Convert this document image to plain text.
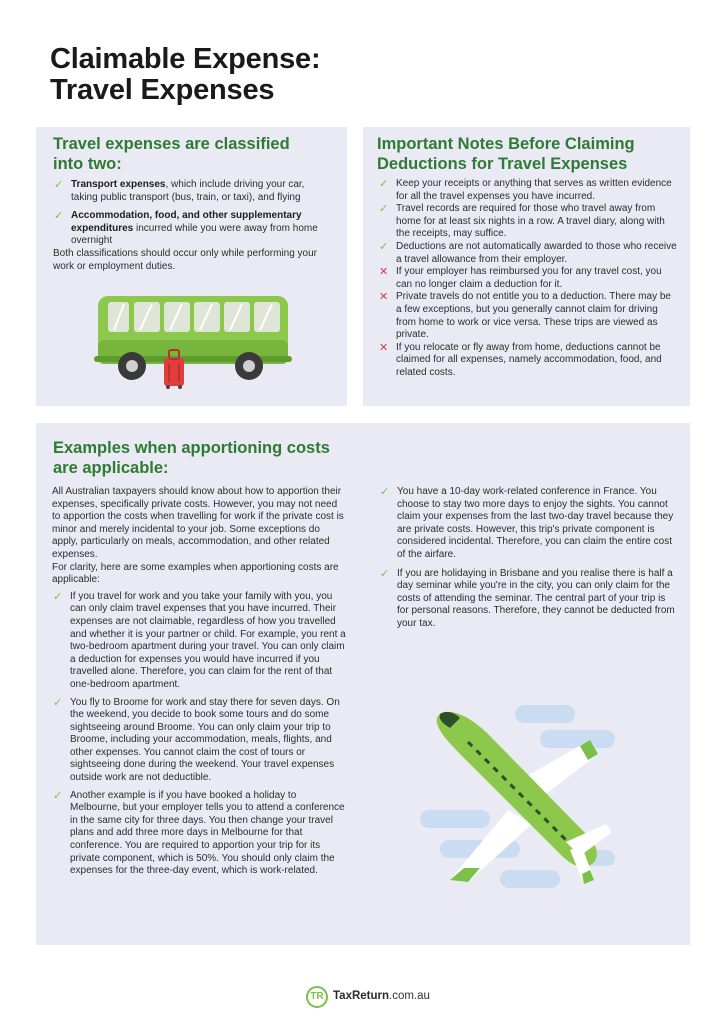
Claimable Expense:
Travel Expenses
Travel expenses are classified into two:
✓ Transport expenses, which include driving your car, taking public transport (bus, train, or taxi), and flying
✓ Accommodation, food, and other supplementary expenditures incurred while you were away from home overnight

Both classifications should occur only while performing your work or employment duties.

Important Notes Before Claiming Deductions for Travel Expenses
✓ Keep your receipts or anything that serves as written evidence for all the travel expenses you have incurred.
✓ Travel records are required for those who travel away from home for at least six nights in a row. A travel diary, along with the receipts, may suffice.
✓ Deductions are not automatically awarded to those who receive a travel allowance from their employer.
✕ If your employer has reimbursed you for any travel cost, you can no longer claim a deduction for it.
✕ Private travels do not entitle you to a deduction. There may be a few exceptions, but you generally cannot claim for driving from home to work or vice versa. These trips are viewed as private.
✕ If you relocate or fly away from home, deductions cannot be claimed for all expenses, namely accommodation, food, and related costs.
Examples when apportioning costs are applicable:

All Australian taxpayers should know about how to apportion their expenses, specifically private costs. However, you may not need to apportion the costs when travelling for work if the private cost is minor and merely incidental to your job. Some exceptions do apply, particularly on meals, accommodation, and other related expenses.

For clarity, here are some examples when apportioning costs are applicable:

✓ If you travel for work and you take your family with you, you can only claim travel expenses that you have incurred. Their expenses are not claimable, regardless of how you travelled and whether it is your partner or child. For example, you rent a two-bedroom apartment during your travel. You can only claim a deduction for expenses you would have incurred if you travelled alone. Therefore, you can claim for the rent of that one-bedroom apartment.
✓ You fly to Broome for work and stay there for seven days. On the weekend, you decide to book some tours and do some sightseeing around Broome. You can only claim your trip to Broome, including your accommodation, meals, flights, and other expenses. You cannot claim the cost of tours or sightseeing done during the weekend. Your travel expenses outside work are not deductible.
✓ Another example is if you have booked a holiday to Melbourne, but your employer tells you to attend a conference in the same city for three days. You then change your travel plans and add three more days in Melbourne for that conference. You are required to apportion your trip for its private component, which is 50%. You should only claim the expenses for the three-day event, which is work-related.
✓ You have a 10-day work-related conference in France. You choose to stay two more days to enjoy the sights. You cannot claim your expenses from the last two-day travel because they are private costs. However, this trip's private component is considered incidental. Therefore, you can claim the entire cost of the airfare.
✓ If you are holidaying in Brisbane and you realise there is half a day seminar while you're in the city, you can only claim for the costs of attending the seminar. The central part of your trip is for personal reasons. Therefore, they cannot be deducted from your tax.
TR TaxReturn.com.au
